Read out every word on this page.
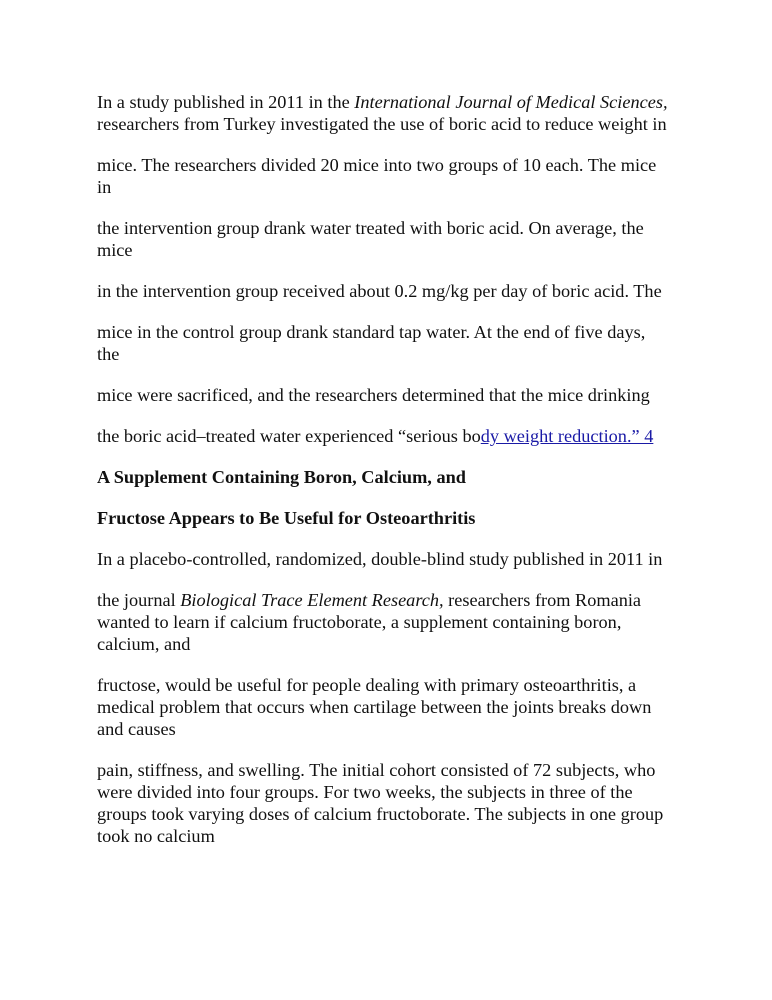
In a study published in 2011 in the International Journal of Medical Sciences, researchers from Turkey investigated the use of boric acid to reduce weight in

mice. The researchers divided 20 mice into two groups of 10 each. The mice in

the intervention group drank water treated with boric acid. On average, the mice

in the intervention group received about 0.2 mg/kg per day of boric acid. The

mice in the control group drank standard tap water. At the end of five days, the

mice were sacrificed, and the researchers determined that the mice drinking

the boric acid–treated water experienced “serious body weight reduction.” 4

A Supplement Containing Boron, Calcium, and

Fructose Appears to Be Useful for Osteoarthritis

In a placebo-controlled, randomized, double-blind study published in 2011 in

the journal Biological Trace Element Research, researchers from Romania wanted to learn if calcium fructoborate, a supplement containing boron, calcium, and

fructose, would be useful for people dealing with primary osteoarthritis, a medical problem that occurs when cartilage between the joints breaks down and causes

pain, stiffness, and swelling. The initial cohort consisted of 72 subjects, who were divided into four groups. For two weeks, the subjects in three of the groups took varying doses of calcium fructoborate. The subjects in one group took no calcium
